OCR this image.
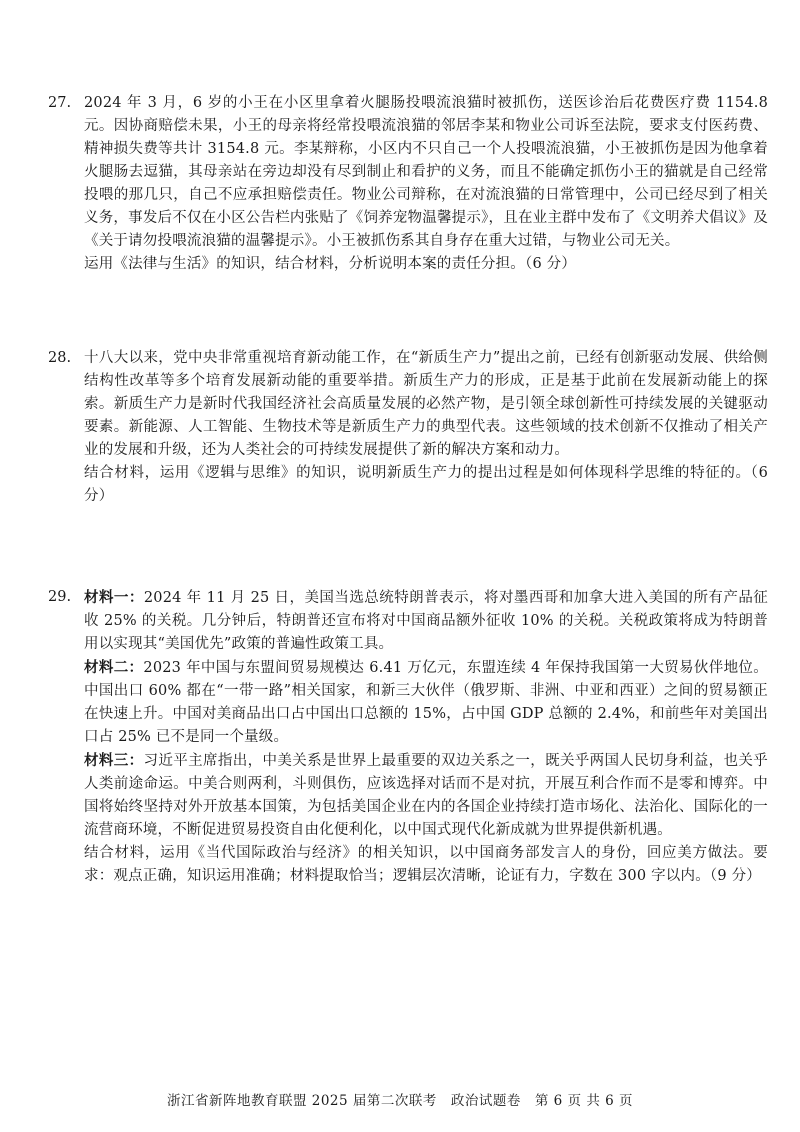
27. 2024 年 3 月，6 岁的小王在小区里拿着火腿肠投喂流浪猫时被抓伤，送医诊治后花费医疗费 1154.8 元。因协商赔偿未果，小王的母亲将经常投喂流浪猫的邻居李某和物业公司诉至法院，要求支付医药费、精神损失费等共计 3154.8 元。李某辩称，小区内不只自己一个人投喂流浪猫，小王被抓伤是因为他拿着火腿肠去逗猫，其母亲站在旁边却没有尽到制止和看护的义务，而且不能确定抓伤小王的猫就是自己经常投喂的那几只，自己不应承担赔偿责任。物业公司辩称，在对流浪猫的日常管理中，公司已经尽到了相关义务，事发后不仅在小区公告栏内张贴了《饲养宠物温馨提示》，且在业主群中发布了《文明养犬倡议》及《关于请勿投喂流浪猫的温馨提示》。小王被抓伤系其自身存在重大过错，与物业公司无关。

运用《法律与生活》的知识，结合材料，分析说明本案的责任分担。（6 分）

28. 十八大以来，党中央非常重视培育新动能工作，在“新质生产力”提出之前，已经有创新驱动发展、供给侧结构性改革等多个培育发展新动能的重要举措。新质生产力的形成，正是基于此前在发展新动能上的探索。新质生产力是新时代我国经济社会高质量发展的必然产物，是引领全球创新性可持续发展的关键驱动要素。新能源、人工智能、生物技术等是新质生产力的典型代表。这些领域的技术创新不仅推动了相关产业的发展和升级，还为人类社会的可持续发展提供了新的解决方案和动力。

结合材料，运用《逻辑与思维》的知识，说明新质生产力的提出过程是如何体现科学思维的特征的。（6 分）

29. 材料一：2024 年 11 月 25 日，美国当选总统特朗普表示，将对墨西哥和加拿大进入美国的所有产品征收 25% 的关税。几分钟后，特朗普还宣布将对中国商品额外征收 10% 的关税。关税政策将成为特朗普用以实现其“美国优先”政策的普遍性政策工具。

材料二：2023 年中国与东盟间贸易规模达 6.41 万亿元，东盟连续 4 年保持我国第一大贸易伙伴地位。中国出口 60% 都在“一带一路”相关国家，和新三大伙伴（俄罗斯、非洲、中亚和西亚）之间的贸易额正在快速上升。中国对美商品出口占中国出口总额的 15%，占中国 GDP 总额的 2.4%，和前些年对美国出口占 25% 已不是同一个量级。

材料三：习近平主席指出，中美关系是世界上最重要的双边关系之一，既关乎两国人民切身利益，也关乎人类前途命运。中美合则两利，斗则俱伤，应该选择对话而不是对抗，开展互利合作而不是零和博弈。中国将始终坚持对外开放基本国策，为包括美国企业在内的各国企业持续打造市场化、法治化、国际化的一流营商环境，不断促进贸易投资自由化便利化，以中国式现代化新成就为世界提供新机遇。

结合材料，运用《当代国际政治与经济》的相关知识，以中国商务部发言人的身份，回应美方做法。要求：观点正确，知识运用准确；材料提取恰当；逻辑层次清晰，论证有力，字数在 300 字以内。（9 分）

浙江省新阵地教育联盟 2025 届第二次联考　政治试题卷　第 6 页 共 6 页
